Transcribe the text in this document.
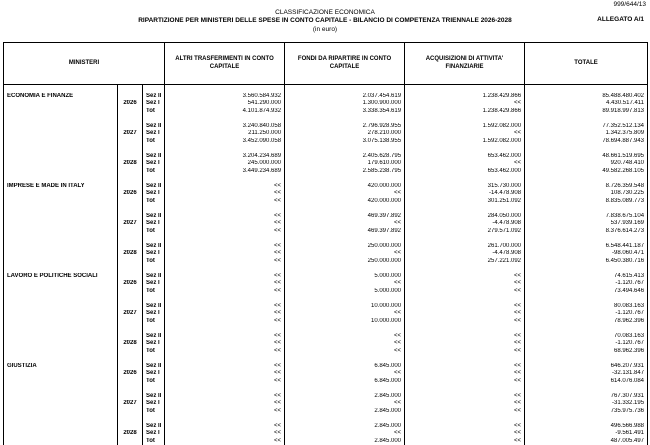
999/644/13
CLASSIFICAZIONE ECONOMICA
RIPARTIZIONE PER MINISTERI DELLE SPESE IN CONTO CAPITALE - BILANCIO DI COMPETENZA TRIENNALE 2026-2028
(in euro)
ALLEGATO A/1
MINISTERI			ALTRI TRASFERIMENTI IN CONTO CAPITALE	FONDI DA RIPARTIRE IN CONTO CAPITALE	ACQUISIZIONI DI ATTIVITA' FINANZIARIE	TOTALE

ECONOMIA E FINANZE		Sez II	3.560.584.932	2.037.454.619	1.238.429.866	85.488.480.402
	2026	Sez I	541.290.000	1.300.900.000	<<	4.430.517.411
		Tot	4.101.874.932	3.338.354.619	1.238.429.866	89.918.997.813

		Sez II	3.240.840.058	2.796.928.955	1.592.082.000	77.352.512.134
	2027	Sez I	211.250.000	278.210.000	<<	1.342.375.809
		Tot	3.452.090.058	3.075.138.955	1.592.082.000	78.694.887.943

		Sez II	3.204.234.689	2.405.628.795	653.462.000	48.661.519.695
	2028	Sez I	245.000.000	179.610.000	<<	920.748.410
		Tot	3.449.234.689	2.585.238.795	653.462.000	49.582.268.105

IMPRESE E MADE IN ITALY		Sez II	<<	420.000.000	315.730.000	8.726.359.548
	2026	Sez I	<<	<<	-14.478.908	108.730.225
		Tot	<<	420.000.000	301.251.092	8.835.089.773

		Sez II	<<	469.397.892	284.050.000	7.838.675.104
	2027	Sez I	<<	<<	-4.478.908	537.939.169
		Tot	<<	469.397.892	279.571.092	8.376.614.273

		Sez II	<<	250.000.000	261.700.000	6.548.441.187
	2028	Sez I	<<	<<	-4.478.908	-98.060.471
		Tot	<<	250.000.000	257.221.092	6.450.380.716

LAVORO E POLITICHE SOCIALI		Sez II	<<	5.000.000	<<	74.615.413
	2026	Sez I	<<	<<	<<	-1.120.767
		Tot	<<	5.000.000	<<	73.494.646

		Sez II	<<	10.000.000	<<	80.083.163
	2027	Sez I	<<	<<	<<	-1.120.767
		Tot	<<	10.000.000	<<	78.962.396

		Sez II	<<	<<	<<	70.083.163
	2028	Sez I	<<	<<	<<	-1.120.767
		Tot	<<	<<	<<	68.962.396

GIUSTIZIA		Sez II	<<	6.845.000	<<	646.207.931
	2026	Sez I	<<	<<	<<	-32.131.847
		Tot	<<	6.845.000	<<	614.076.084

		Sez II	<<	2.845.000	<<	767.307.931
	2027	Sez I	<<	<<	<<	-31.332.195
		Tot	<<	2.845.000	<<	735.975.736

		Sez II	<<	2.845.000	<<	496.566.988
	2028	Sez I	<<	<<	<<	-9.561.491
		Tot	<<	2.845.000	<<	487.005.497
